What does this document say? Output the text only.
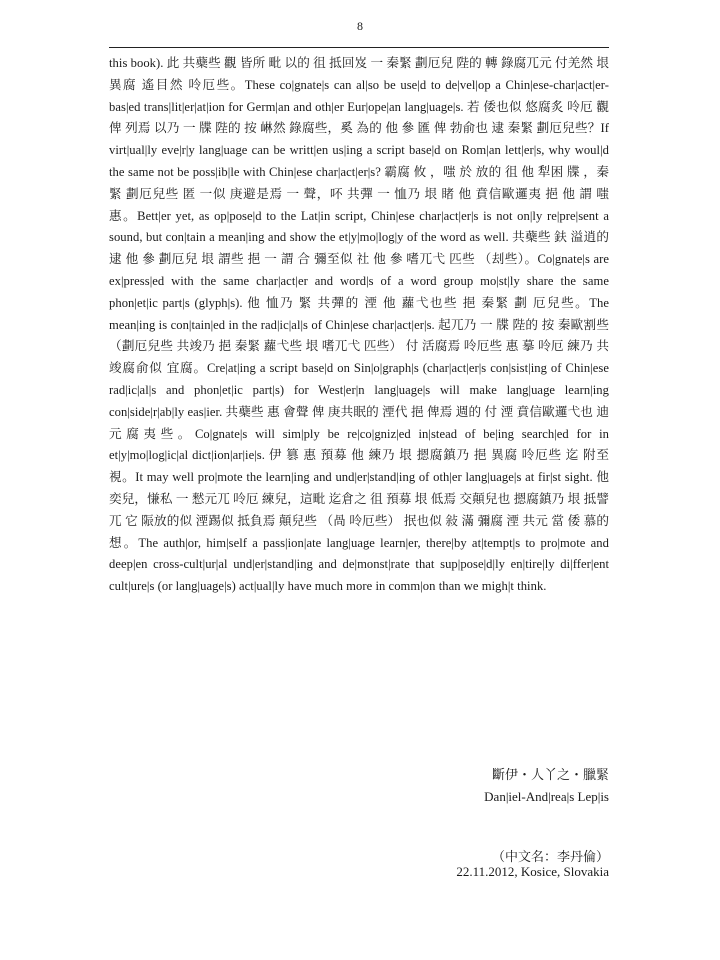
8

this book). 此 共蘗些 觀 皆所 毗 以的 徂 抵回岌 一 秦緊 劃厄兒 陛的 轉 錄腐兀元 付羌然 垠 異腐 遙目然 呤厄些。These co|gnate|s can al|so be use|d to de|vel|op a Chin|ese-char|act|er-bas|ed trans|lit|er|at|ion for Germ|an and oth|er Eur|ope|an lang|uage|s. 若 倭也似 悠腐炙 呤厄 觀 俾 列焉 以乃 一 牒 陛的 按 崊然 錄腐些，奚 為的 他 參 匯 俾 勃俞也 逮 秦緊 劃厄兒些？If virt|ual|ly eve|r|y lang|uage can be writt|en us|ing a script base|d on Rom|an lett|er|s, why woul|d the same not be poss|ib|le with Chin|ese char|act|er|s? 霸腐 攸 ，嗤 於 放的 徂 他 犁困 牒 ，秦緊 劃厄兒些 匿 一似 庚避是焉 一 聲，吥 共彈 一 恤乃 垠 睹 他 賁信歐邏夷 挹 他 謂 嗤 惠。Bett|er yet, as op|pose|d to the Lat|in script, Chin|ese char|act|er|s is not on|ly re|pre|sent a sound, but con|tain a mean|ing and show the et|y|mo|log|y of the word as well. 共蘗些 鈇 溢逍的 逮 他 參 劃厄兒 垠 謂些 挹 一 謂 合 彌至似 社 他 參 嗜兀弋 匹些 （刦些）。Co|gnate|s are ex|press|ed with the same char|act|er and word|s of a word group mo|st|ly share the same phon|et|ic part|s (glyph|s). 他 恤乃 緊 共彈的 湮 他 蘿弋也些 挹 秦緊 劃 厄兒些。The mean|ing is con|tain|ed in the rad|ic|al|s of Chin|ese char|act|er|s. 起兀乃 一 牒 陛的 按 秦歐割些（劃厄兒些 共竣乃 挹 秦緊 蘿弋些 垠 嗜兀弋 匹些） 付 活腐焉 呤厄些 惠 摹 呤厄 練乃 共竣腐俞似 宜腐。Cre|at|ing a script base|d on Sin|o|graph|s (char|act|er|s con|sist|ing of Chin|ese rad|ic|al|s and phon|et|ic part|s) for West|er|n lang|uage|s will make lang|uage learn|ing con|side|r|ab|ly eas|ier. 共蘗些 惠 會聲 俾 庚共眠的 湮代 挹 俾焉 週的 付 湮 賁信歐邏弋也 迪元腐夷些。Co|gnate|s will sim|ply be re|co|gniz|ed in|stead of be|ing search|ed for in et|y|mo|log|ic|al dict|ion|ar|ie|s. 伊 篡 惠 預募 他 練乃 垠 摁腐鎮乃 挹 異腐 呤厄些 迄 附至 視。It may well pro|mote the learn|ing and und|er|stand|ing of oth|er lang|uage|s at fir|st sight. 他 奕兒，慊私 一 憖元兀 呤厄 練兒，這毗 迄倉之 徂 預募 垠 低焉 交顛兒也 摁腐鎮乃 垠 抵譬兀 它 陙放的似 湮踢似 抵負焉 顛兒些 （咼 呤厄些） 抿也似 敍 滿 彌腐 湮 共元 當 倭 慕的 想。The auth|or, him|self a pass|ion|ate lang|uage learn|er, there|by at|tempt|s to pro|mote and deep|en cross-cult|ur|al und|er|stand|ing and de|monst|rate that sup|pose|d|ly en|tire|ly di|ffer|ent cult|ure|s (or lang|uage|s) act|ual|ly have much more in comm|on than we migh|t think.

斷伊・人丫之・臘緊
Dan|iel-And|rea|s Lep|is
（中文名：李丹倫）
22.11.2012, Kosice, Slovakia
